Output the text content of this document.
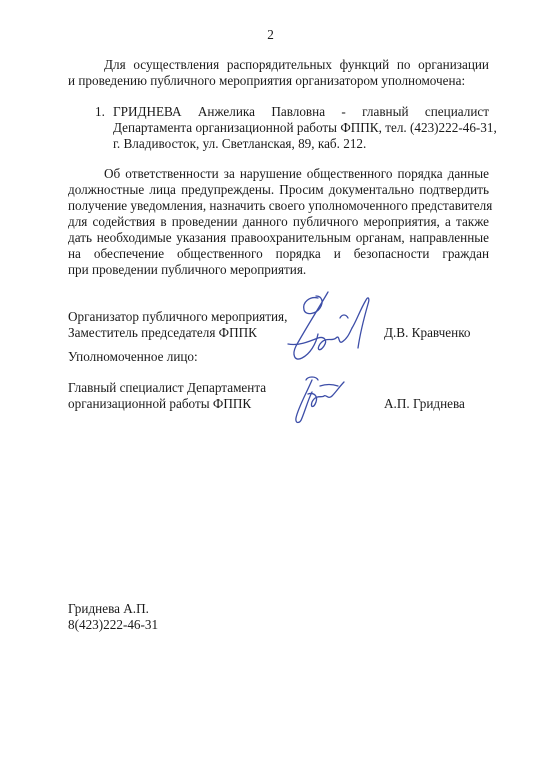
2
Для осуществления распорядительных функций по организации
и проведению публичного мероприятия организатором уполномочена:
1. ГРИДНЕВА Анжелика Павловна - главный специалист
Департамента организационной работы ФППК, тел. (423)222-46-31,
г. Владивосток, ул. Светланская, 89, каб. 212.
Об ответственности за нарушение общественного порядка данные
должностные лица предупреждены. Просим документально подтвердить
получение уведомления, назначить своего уполномоченного представителя
для содействия в проведении данного публичного мероприятия, а также
дать необходимые указания правоохранительным органам, направленные
на обеспечение общественного порядка и безопасности граждан
при проведении публичного мероприятия.
Организатор публичного мероприятия,
Заместитель председателя ФППК	Д.В. Кравченко
Уполномоченное лицо:
Главный специалист Департамента
организационной работы ФППК	А.П. Гриднева
Гриднева А.П.
8(423)222-46-31
